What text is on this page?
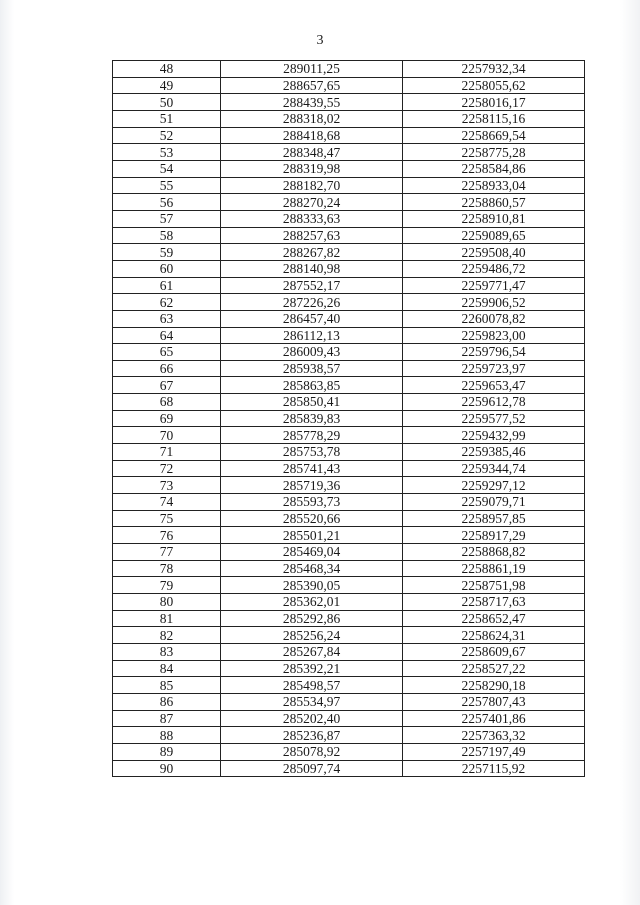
3
48	289011,25	2257932,34
49	288657,65	2258055,62
50	288439,55	2258016,17
51	288318,02	2258115,16
52	288418,68	2258669,54
53	288348,47	2258775,28
54	288319,98	2258584,86
55	288182,70	2258933,04
56	288270,24	2258860,57
57	288333,63	2258910,81
58	288257,63	2259089,65
59	288267,82	2259508,40
60	288140,98	2259486,72
61	287552,17	2259771,47
62	287226,26	2259906,52
63	286457,40	2260078,82
64	286112,13	2259823,00
65	286009,43	2259796,54
66	285938,57	2259723,97
67	285863,85	2259653,47
68	285850,41	2259612,78
69	285839,83	2259577,52
70	285778,29	2259432,99
71	285753,78	2259385,46
72	285741,43	2259344,74
73	285719,36	2259297,12
74	285593,73	2259079,71
75	285520,66	2258957,85
76	285501,21	2258917,29
77	285469,04	2258868,82
78	285468,34	2258861,19
79	285390,05	2258751,98
80	285362,01	2258717,63
81	285292,86	2258652,47
82	285256,24	2258624,31
83	285267,84	2258609,67
84	285392,21	2258527,22
85	285498,57	2258290,18
86	285534,97	2257807,43
87	285202,40	2257401,86
88	285236,87	2257363,32
89	285078,92	2257197,49
90	285097,74	2257115,92
